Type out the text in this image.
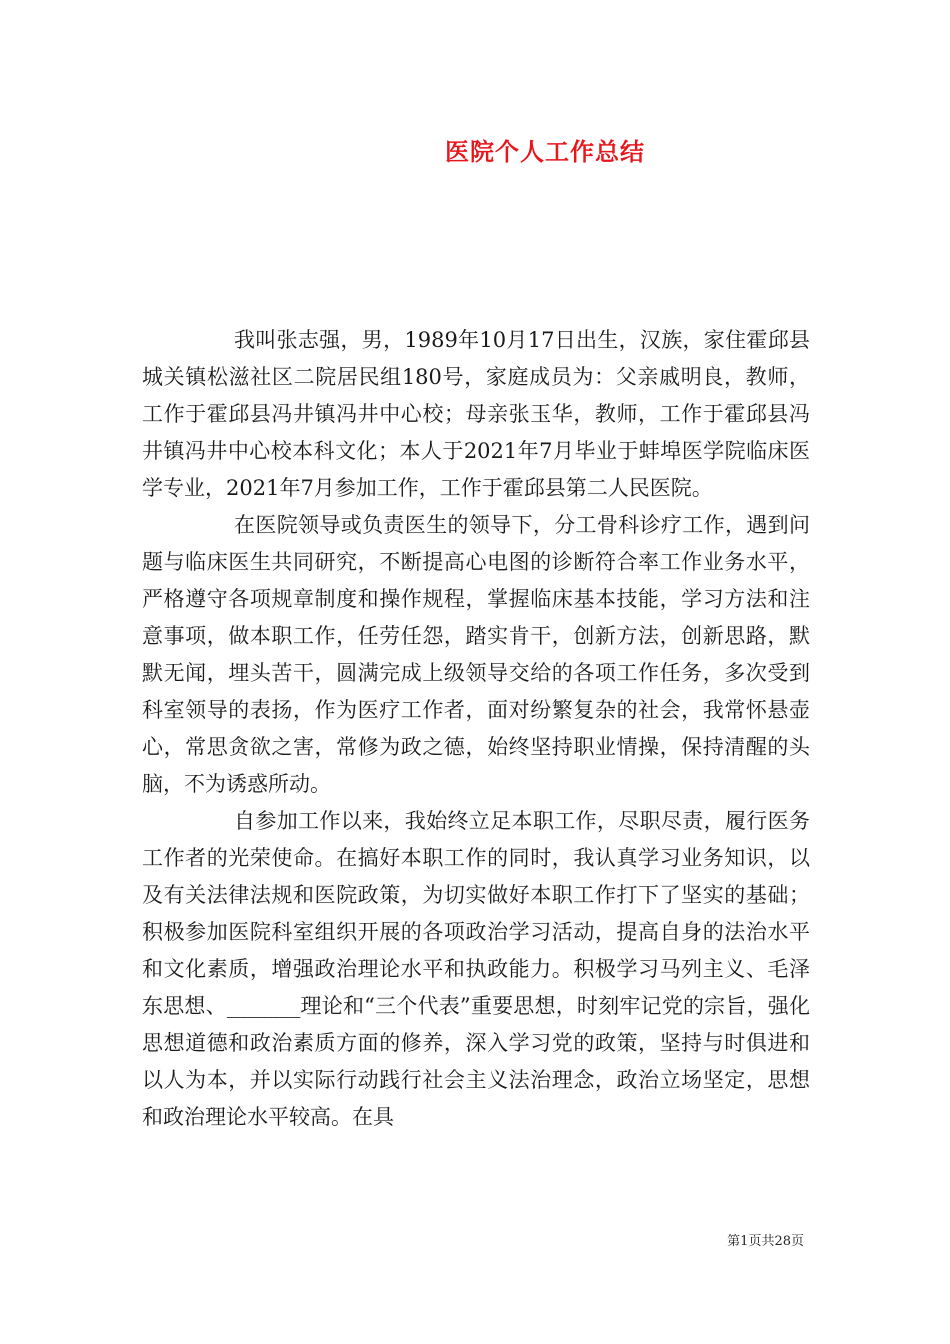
医院个人工作总结

我叫张志强，男，1989年10月17日出生，汉族，家住霍邱县城关镇松滋社区二院居民组180号，家庭成员为：父亲戚明良，教师，工作于霍邱县冯井镇冯井中心校；母亲张玉华，教师，工作于霍邱县冯井镇冯井中心校本科文化；本人于2021年7月毕业于蚌埠医学院临床医学专业，2021年7月参加工作，工作于霍邱县第二人民医院。

在医院领导或负责医生的领导下，分工骨科诊疗工作，遇到问题与临床医生共同研究，不断提高心电图的诊断符合率工作业务水平，严格遵守各项规章制度和操作规程，掌握临床基本技能，学习方法和注意事项，做本职工作，任劳任怨，踏实肯干，创新方法，创新思路，默默无闻，埋头苦干，圆满完成上级领导交给的各项工作任务，多次受到科室领导的表扬，作为医疗工作者，面对纷繁复杂的社会，我常怀悬壶心，常思贪欲之害，常修为政之德，始终坚持职业情操，保持清醒的头脑，不为诱惑所动。

自参加工作以来，我始终立足本职工作，尽职尽责，履行医务工作者的光荣使命。在搞好本职工作的同时，我认真学习业务知识，以及有关法律法规和医院政策，为切实做好本职工作打下了坚实的基础；积极参加医院科室组织开展的各项政治学习活动，提高自身的法治水平和文化素质，增强政治理论水平和执政能力。积极学习马列主义、毛泽东思想、_______理论和“三个代表”重要思想，时刻牢记党的宗旨，强化思想道德和政治素质方面的修养，深入学习党的政策，坚持与时俱进和以人为本，并以实际行动践行社会主义法治理念，政治立场坚定，思想和政治理论水平较高。在具

第1页共28页
